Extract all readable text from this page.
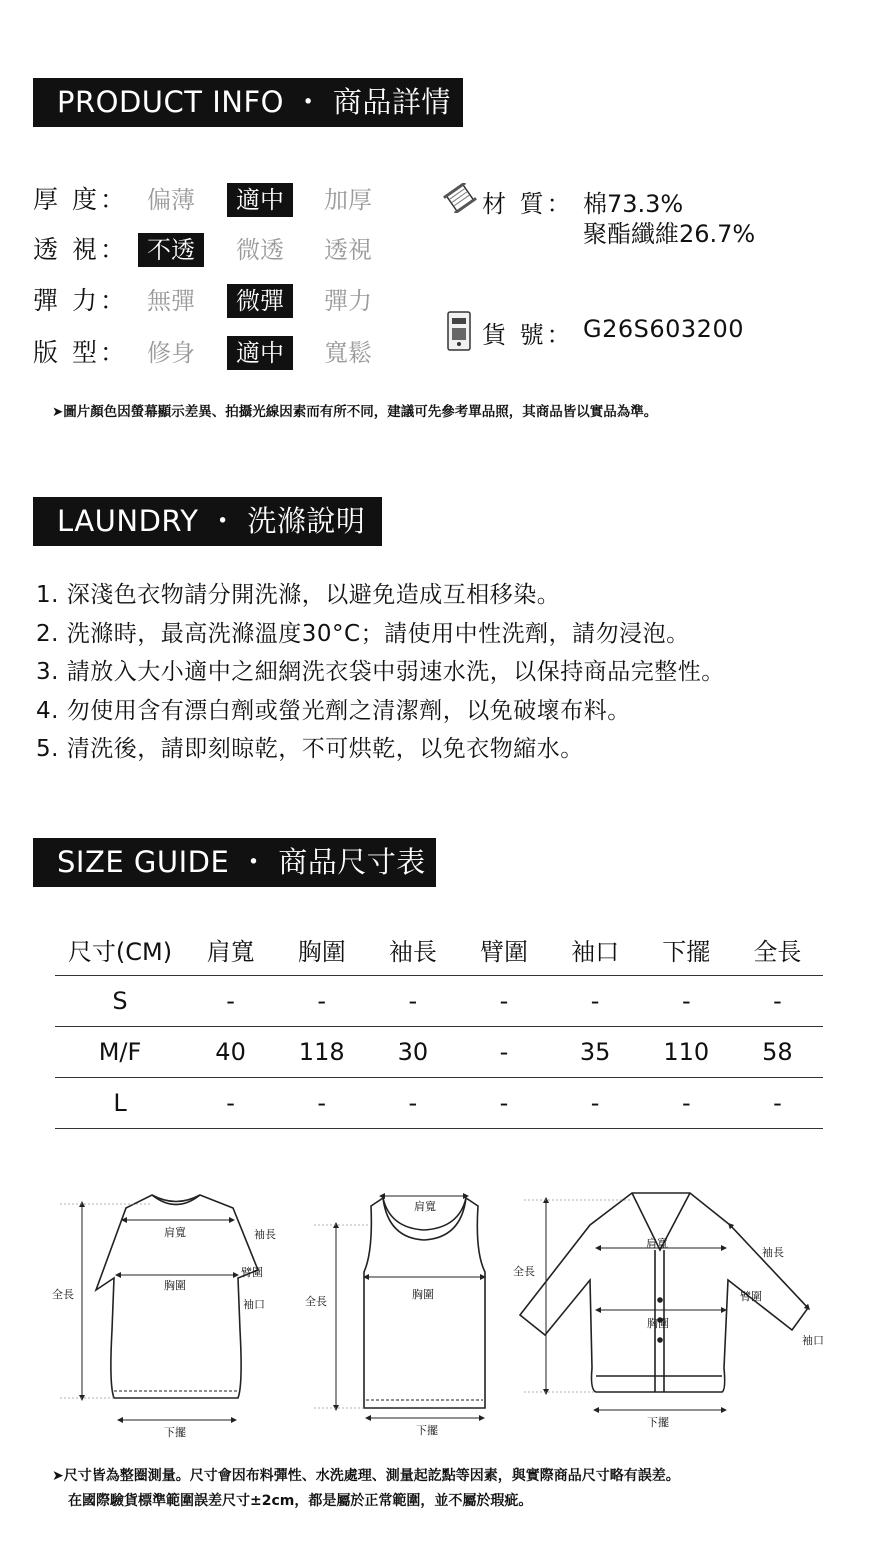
PRODUCT INFO ・ 商品詳情
厚 度： 偏薄	適中	加厚
透 視： 不透	微透 透視
彈 力： 無彈	微彈	彈力
版 型： 修身	適中	寬鬆
材 質： 棉73.3%
聚酯纖維26.7%
貨 號： G26S603200
➤圖片顏色因螢幕顯示差異、拍攝光線因素而有所不同，建議可先參考單品照，其商品皆以實品為準。
LAUNDRY ・ 洗滌說明
1. 深淺色衣物請分開洗滌，以避免造成互相移染。
2. 洗滌時，最高洗滌溫度30°C；請使用中性洗劑，請勿浸泡。
3. 請放入大小適中之細網洗衣袋中弱速水洗，以保持商品完整性。
4. 勿使用含有漂白劑或螢光劑之清潔劑，以免破壞布料。
5. 清洗後，請即刻晾乾，不可烘乾，以免衣物縮水。
SIZE GUIDE ・ 商品尺寸表
尺寸(CM)	肩寬	胸圍	袖長	臂圍	袖口	下擺	全長
S	-	-	-	-	-	-	-
M/F	40	118	30	-	35	110	58
L	-	-	-	-	-	-	-
肩寬	袖長
臂圍
胸圍
袖口
全長
下擺
肩寬
胸圍
全長
下擺
肩寬
袖長
全長
臂圍
胸圍
袖口
下擺
➤尺寸皆為整圈測量。尺寸會因布料彈性、水洗處理、測量起訖點等因素，與實際商品尺寸略有誤差。
在國際驗貨標準範圍誤差尺寸±2cm，都是屬於正常範圍，並不屬於瑕疵。
